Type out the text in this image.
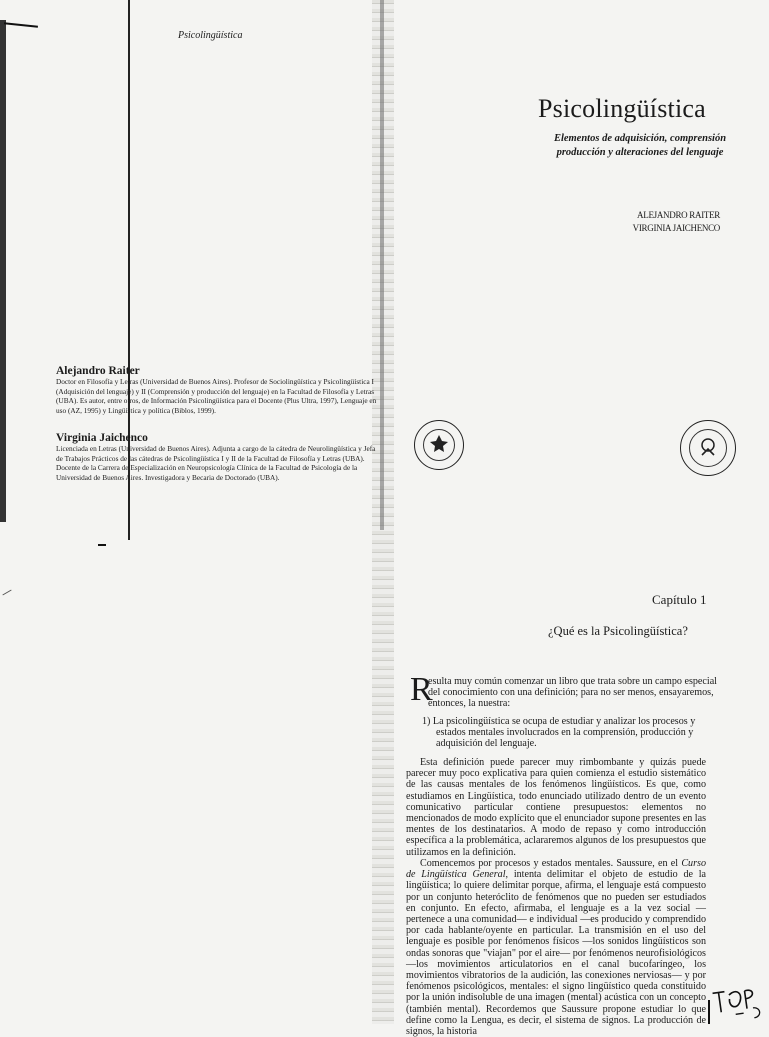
Psicolingüística
Alejandro Raiter
Doctor en Filosofía y Letras (Universidad de Buenos Aires). Profesor de Sociolingüística y Psicolingüística I (Adquisición del lenguaje) y II (Comprensión y producción del lenguaje) en la Facultad de Filosofía y Letras (UBA). Es autor, entre otros, de Información Psicolingüística para el Docente (Plus Ultra, 1997), Lenguaje en uso (AZ, 1995) y Lingüística y política (Biblos, 1999).
Virginia Jaichenco
Licenciada en Letras (Universidad de Buenos Aires). Adjunta a cargo de la cátedra de Neurolingüística y Jefa de Trabajos Prácticos de las cátedras de Psicolingüística I y II de la Facultad de Filosofía y Letras (UBA). Docente de la Carrera de Especialización en Neuropsicología Clínica de la Facultad de Psicología de la Universidad de Buenos Aires. Investigadora y Becaria de Doctorado (UBA).
Psicolingüística
Elementos de adquisición, comprensión
producción y alteraciones del lenguaje
ALEJANDRO RAITER
VIRGINIA JAICHENCO
Capítulo 1
¿Qué es la Psicolingüística?
R
esulta muy común comenzar un libro que trata sobre un campo especial
del conocimiento con una definición; para no ser menos, ensayaremos,
entonces, la nuestra:
1) La psicolingüística se ocupa de estudiar y analizar los procesos y
estados mentales involucrados en la comprensión, producción y
adquisición del lenguaje.
Esta definición puede parecer muy rimbombante y quizás puede parecer muy poco explicativa para quien comienza el estudio sistemático de las causas mentales de los fenómenos lingüísticos. Es que, como estudiamos en Lingüística, todo enunciado utilizado dentro de un evento comunicativo particular contiene presupuestos: elementos no mencionados de modo explícito que el enunciador supone presentes en las mentes de los destinatarios. A modo de repaso y como introducción específica a la problemática, aclararemos algunos de los presupuestos que utilizamos en la definición.
Comencemos por procesos y estados mentales. Saussure, en el Curso de Lingüística General, intenta delimitar el objeto de estudio de la lingüística; lo quiere delimitar porque, afirma, el lenguaje está compuesto por un conjunto heteróclito de fenómenos que no pueden ser estudiados en conjunto. En efecto, afirmaba, el lenguaje es a la vez social —pertenece a una comunidad— e individual —es producido y comprendido por cada hablante/oyente en particular. La transmisión en el uso del lenguaje es posible por fenómenos físicos —los sonidos lingüísticos son ondas sonoras que "viajan" por el aire— por fenómenos neurofisiológicos —los movimientos articulatorios en el canal bucofaríngeo, los movimientos vibratorios de la audición, las conexiones nerviosas— y por fenómenos psicológicos, mentales: el signo lingüístico queda constituido por la unión indisoluble de una imagen (mental) acústica con un concepto (también mental). Recordemos que Saussure propone estudiar lo que define como la Lengua, es decir, el sistema de signos. La producción de signos, la historia
